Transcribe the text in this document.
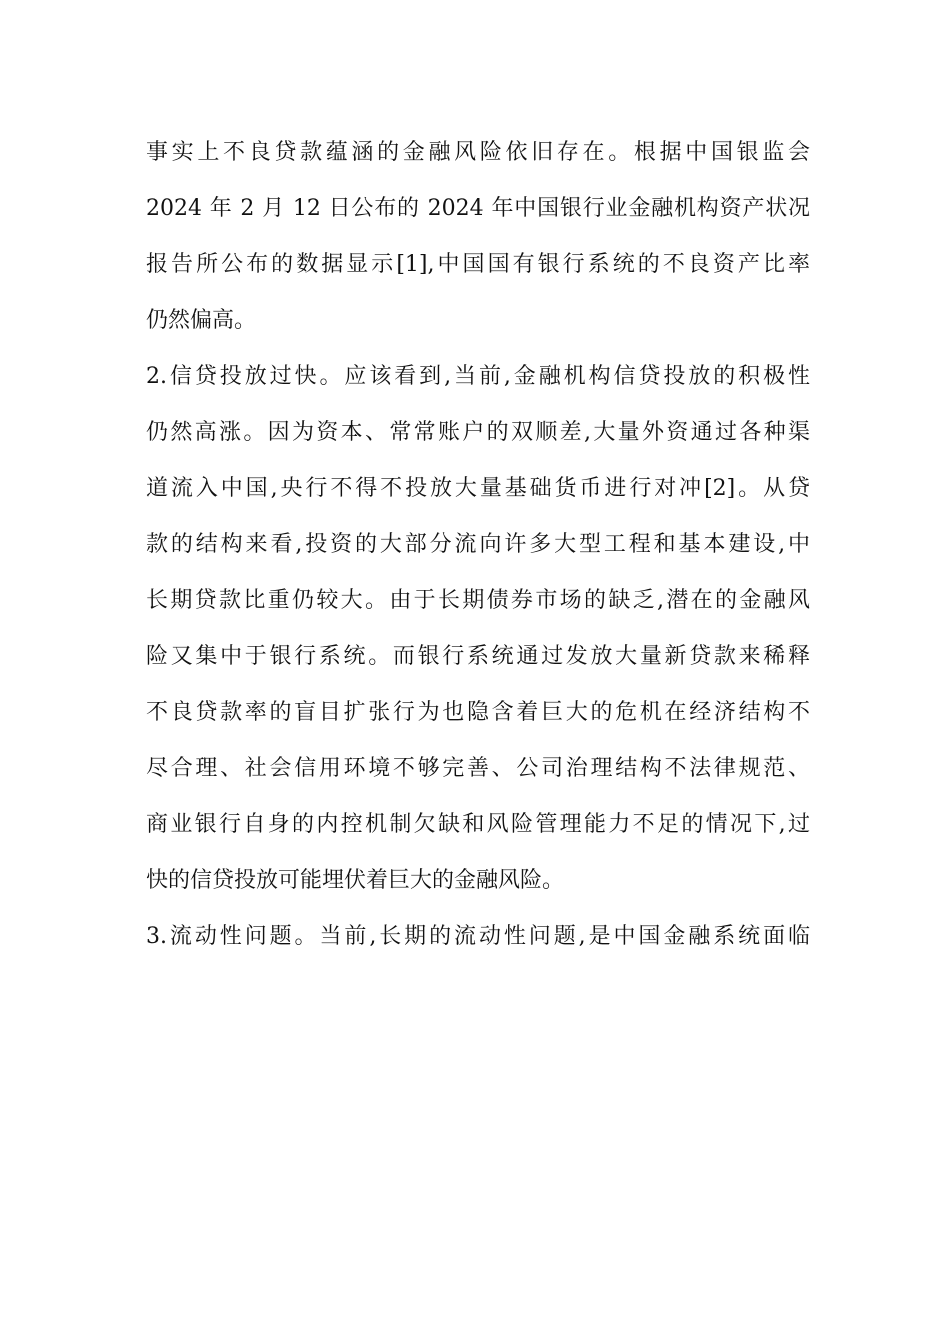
事实上不良贷款蕴涵的金融风险依旧存在。根据中国银监会
2024 年 2 月 12 日公布的 2024 年中国银行业金融机构资产状况
报告所公布的数据显示[1],中国国有银行系统的不良资产比率
仍然偏高。
2.信贷投放过快。应该看到,当前,金融机构信贷投放的积极性
仍然高涨。因为资本、常常账户的双顺差,大量外资通过各种渠
道流入中国,央行不得不投放大量基础货币进行对冲[2]。从贷
款的结构来看,投资的大部分流向许多大型工程和基本建设,中
长期贷款比重仍较大。由于长期债券市场的缺乏,潜在的金融风
险又集中于银行系统。而银行系统通过发放大量新贷款来稀释
不良贷款率的盲目扩张行为也隐含着巨大的危机在经济结构不
尽合理、社会信用环境不够完善、公司治理结构不法律规范、
商业银行自身的内控机制欠缺和风险管理能力不足的情况下,过
快的信贷投放可能埋伏着巨大的金融风险。
3.流动性问题。当前,长期的流动性问题,是中国金融系统面临
